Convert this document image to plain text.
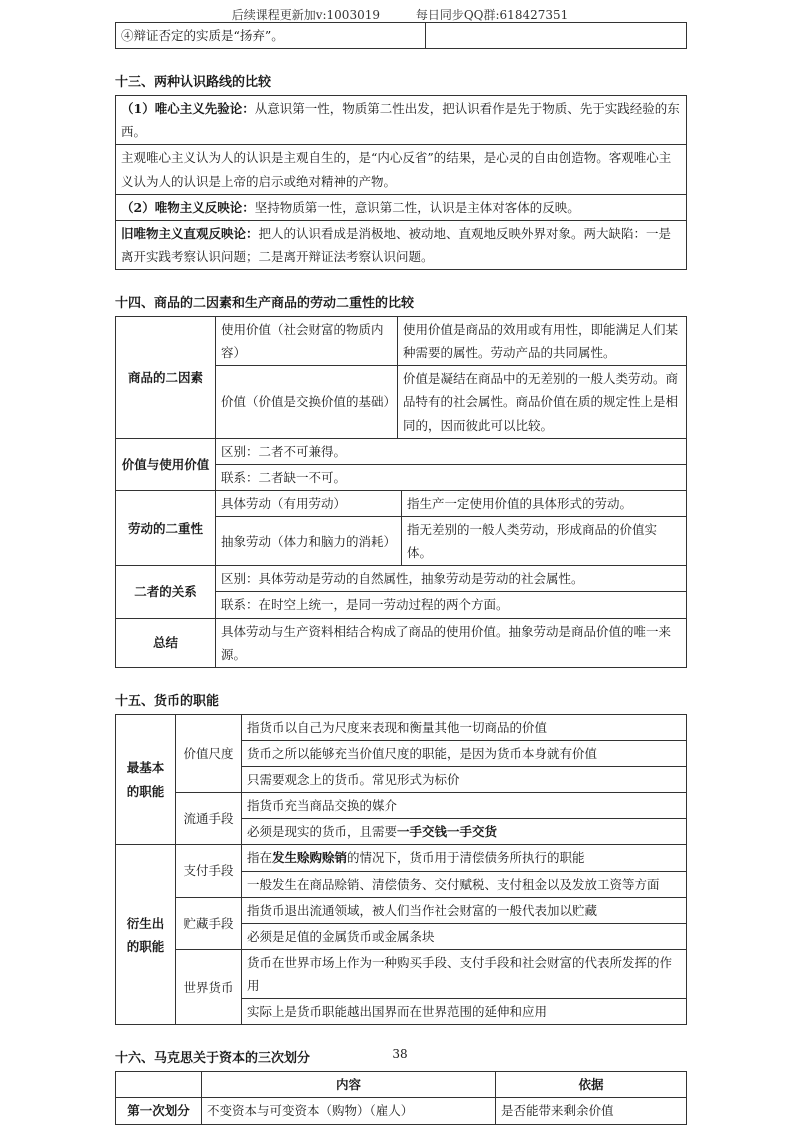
后续课程更新加v:1003019	每日同步QQ群:618427351
④辩证否定的实质是“扬弃”。	
十三、两种认识路线的比较
（1）唯心主义先验论：从意识第一性，物质第二性出发，把认识看作是先于物质、先于实践经验的东西。
主观唯心主义认为人的认识是主观自生的，是“内心反省”的结果，是心灵的自由创造物。客观唯心主义认为人的认识是上帝的启示或绝对精神的产物。
（2）唯物主义反映论：坚持物质第一性，意识第二性，认识是主体对客体的反映。
旧唯物主义直观反映论：把人的认识看成是消极地、被动地、直观地反映外界对象。两大缺陷：一是离开实践考察认识问题；二是离开辩证法考察认识问题。
十四、商品的二因素和生产商品的劳动二重性的比较
商品的二因素	使用价值（社会财富的物质内容）	使用价值是商品的效用或有用性，即能满足人们某种需要的属性。劳动产品的共同属性。	
	价值（价值是交换价值的基础）	价值是凝结在商品中的无差别的一般人类劳动。商品特有的社会属性。商品价值在质的规定性上是相同的，因而彼此可以比较。	
价值与使用价值	区别：二者不可兼得。		
	联系：二者缺一不可。		
劳动的二重性	具体劳动（有用劳动）		指生产一定使用价值的具体形式的劳动。
	抽象劳动（体力和脑力的消耗）		指无差别的一般人类劳动，形成商品的价值实体。
二者的关系	区别：具体劳动是劳动的自然属性，抽象劳动是劳动的社会属性。		
	联系：在时空上统一，是同一劳动过程的两个方面。		
总结	具体劳动与生产资料相结合构成了商品的使用价值。抽象劳动是商品价值的唯一来源。		
十五、货币的职能
最基本的职能	价值尺度	指货币以自己为尺度来表现和衡量其他一切商品的价值
		货币之所以能够充当价值尺度的职能，是因为货币本身就有价值
		只需要观念上的货币。常见形式为标价
	流通手段	指货币充当商品交换的媒介
		必须是现实的货币，且需要一手交钱一手交货
衍生出的职能	支付手段	指在发生赊购赊销的情况下，货币用于清偿债务所执行的职能
		一般发生在商品赊销、清偿债务、交付赋税、支付租金以及发放工资等方面
	贮藏手段	指货币退出流通领域，被人们当作社会财富的一般代表加以贮藏
		必须是足值的金属货币或金属条块
	世界货币	货币在世界市场上作为一种购买手段、支付手段和社会财富的代表所发挥的作用
		实际上是货币职能越出国界而在世界范围的延伸和应用
十六、马克思关于资本的三次划分
	内容	依据
第一次划分	不变资本与可变资本（购物）（雇人）	是否能带来剩余价值
38
